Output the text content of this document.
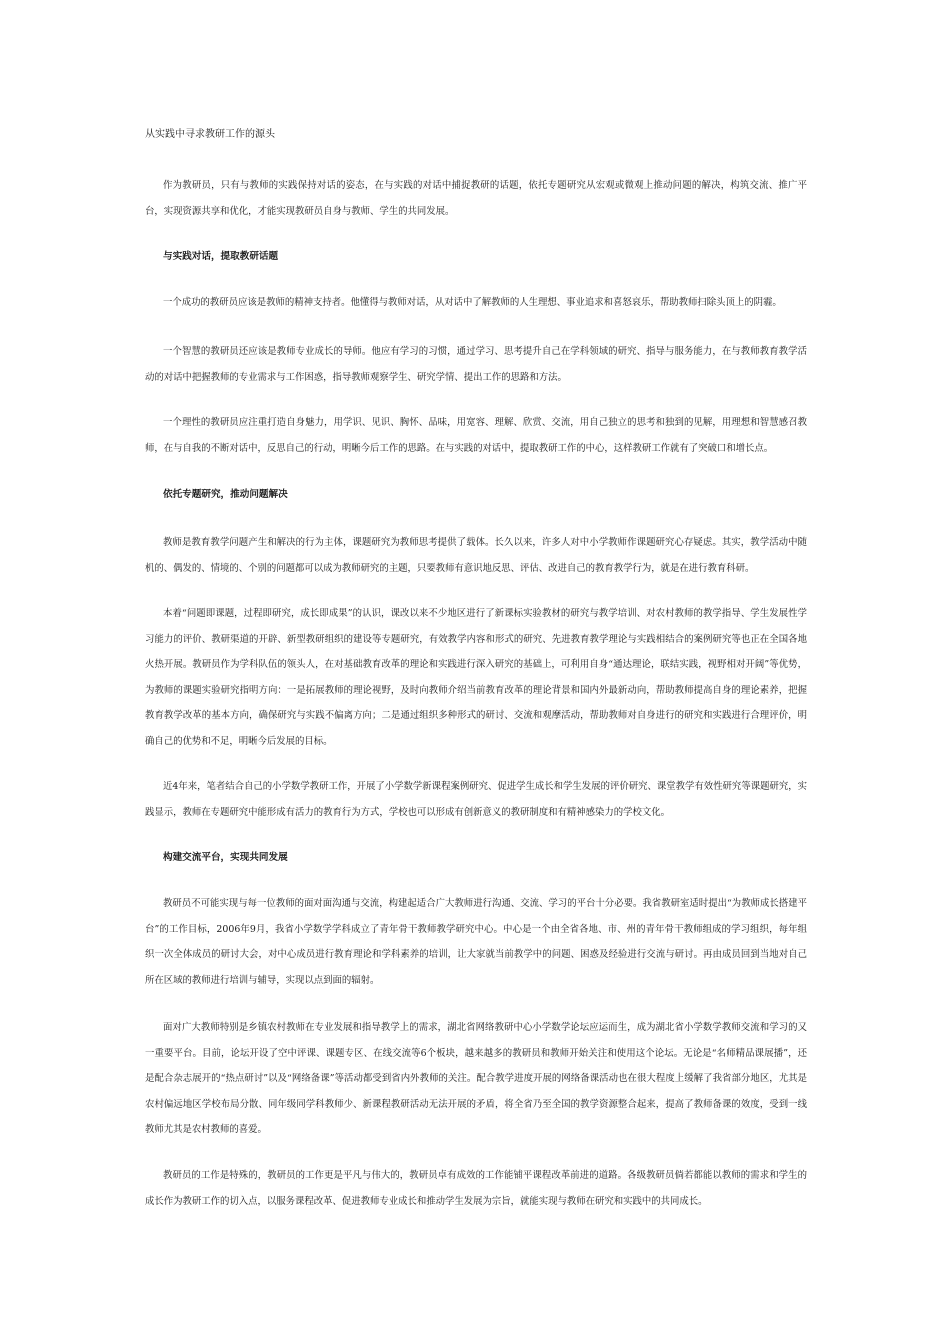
从实践中寻求教研工作的源头

作为教研员，只有与教师的实践保持对话的姿态，在与实践的对话中捕捉教研的话题，依托专题研究从宏观或微观上推动问题的解决，构筑交流、推广平台，实现资源共享和优化，才能实现教研员自身与教师、学生的共同发展。

与实践对话，提取教研话题

一个成功的教研员应该是教师的精神支持者。他懂得与教师对话，从对话中了解教师的人生理想、事业追求和喜怒哀乐，帮助教师扫除头顶上的阴霾。

一个智慧的教研员还应该是教师专业成长的导师。他应有学习的习惯，通过学习、思考提升自己在学科领域的研究、指导与服务能力，在与教师教育教学活动的对话中把握教师的专业需求与工作困惑，指导教师观察学生、研究学情、提出工作的思路和方法。

一个理性的教研员应注重打造自身魅力，用学识、见识、胸怀、品味，用宽容、理解、欣赏、交流，用自己独立的思考和独到的见解，用理想和智慧感召教师，在与自我的不断对话中，反思自己的行动，明晰今后工作的思路。在与实践的对话中，提取教研工作的中心，这样教研工作就有了突破口和增长点。

依托专题研究，推动问题解决

教师是教育教学问题产生和解决的行为主体，课题研究为教师思考提供了载体。长久以来，许多人对中小学教师作课题研究心存疑虑。其实，教学活动中随机的、偶发的、情境的、个别的问题都可以成为教师研究的主题，只要教师有意识地反思、评估、改进自己的教育教学行为，就是在进行教育科研。

本着“问题即课题，过程即研究，成长即成果”的认识，课改以来不少地区进行了新课标实验教材的研究与教学培训、对农村教师的教学指导、学生发展性学习能力的评价、教研渠道的开辟、新型教研组织的建设等专题研究，有效教学内容和形式的研究、先进教育教学理论与实践相结合的案例研究等也正在全国各地火热开展。教研员作为学科队伍的领头人，在对基础教育改革的理论和实践进行深入研究的基础上，可利用自身“通达理论，联结实践，视野相对开阔”等优势，为教师的课题实验研究指明方向：一是拓展教师的理论视野，及时向教师介绍当前教育改革的理论背景和国内外最新动向，帮助教师提高自身的理论素养，把握教育教学改革的基本方向，确保研究与实践不偏离方向；二是通过组织多种形式的研讨、交流和观摩活动，帮助教师对自身进行的研究和实践进行合理评价，明确自己的优势和不足，明晰今后发展的目标。

近4年来，笔者结合自己的小学数学教研工作，开展了小学数学新课程案例研究、促进学生成长和学生发展的评价研究、课堂教学有效性研究等课题研究，实践显示，教师在专题研究中能形成有活力的教育行为方式，学校也可以形成有创新意义的教研制度和有精神感染力的学校文化。

构建交流平台，实现共同发展

教研员不可能实现与每一位教师的面对面沟通与交流，构建起适合广大教师进行沟通、交流、学习的平台十分必要。我省教研室适时提出“为教师成长搭建平台”的工作目标，2006年9月，我省小学数学学科成立了青年骨干教师教学研究中心。中心是一个由全省各地、市、州的青年骨干教师组成的学习组织，每年组织一次全体成员的研讨大会，对中心成员进行教育理论和学科素养的培训，让大家就当前教学中的问题、困惑及经验进行交流与研讨。再由成员回到当地对自己所在区域的教师进行培训与辅导，实现以点到面的辐射。

面对广大教师特别是乡镇农村教师在专业发展和指导教学上的需求，湖北省网络教研中心小学数学论坛应运而生，成为湖北省小学数学教师交流和学习的又一重要平台。目前，论坛开设了空中评课、课题专区、在线交流等6个板块，越来越多的教研员和教师开始关注和使用这个论坛。无论是“名师精品课展播”，还是配合杂志展开的“热点研讨”以及“网络备课”等活动都受到省内外教师的关注。配合教学进度开展的网络备课活动也在很大程度上缓解了我省部分地区，尤其是农村偏远地区学校布局分散、同年级同学科教师少、新课程教研活动无法开展的矛盾，将全省乃至全国的教学资源整合起来，提高了教师备课的效度，受到一线教师尤其是农村教师的喜爱。

教研员的工作是特殊的，教研员的工作更是平凡与伟大的，教研员卓有成效的工作能铺平课程改革前进的道路。各级教研员倘若都能以教师的需求和学生的成长作为教研工作的切入点，以服务课程改革、促进教师专业成长和推动学生发展为宗旨，就能实现与教师在研究和实践中的共同成长。
